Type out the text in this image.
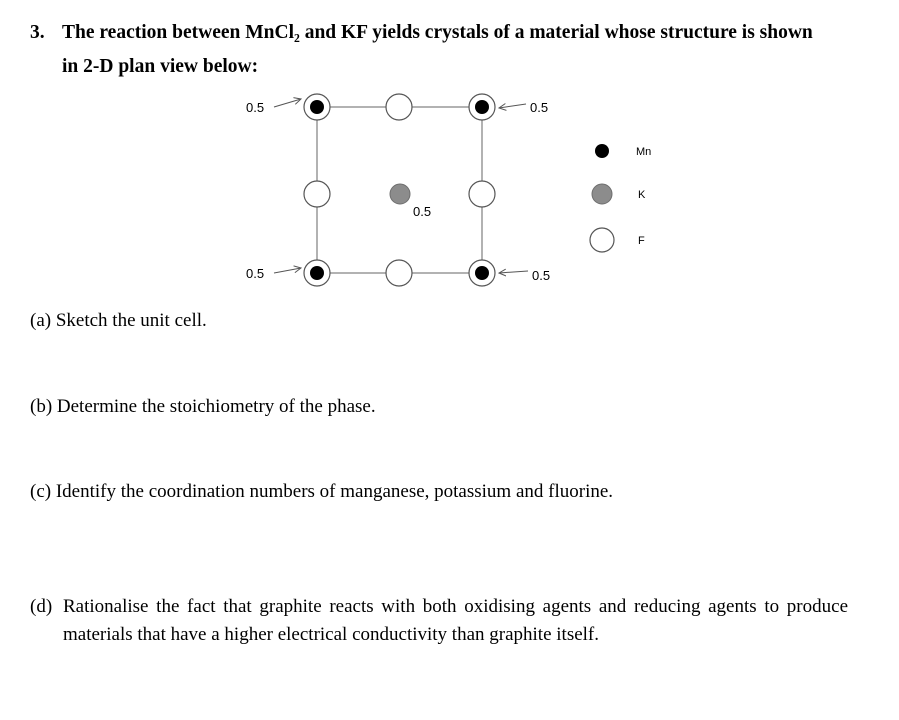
3. The reaction between MnCl₂ and KF yields crystals of a material whose structure is shown
in 2-D plan view below:
0.5	0.5
0.5
0.5	0.5
Mn
K
F
(a) Sketch the unit cell.
(b) Determine the stoichiometry of the phase.
(c) Identify the coordination numbers of manganese, potassium and fluorine.
(d) Rationalise the fact that graphite reacts with both oxidising agents and reducing agents to produce materials that have a higher electrical conductivity than graphite itself.
